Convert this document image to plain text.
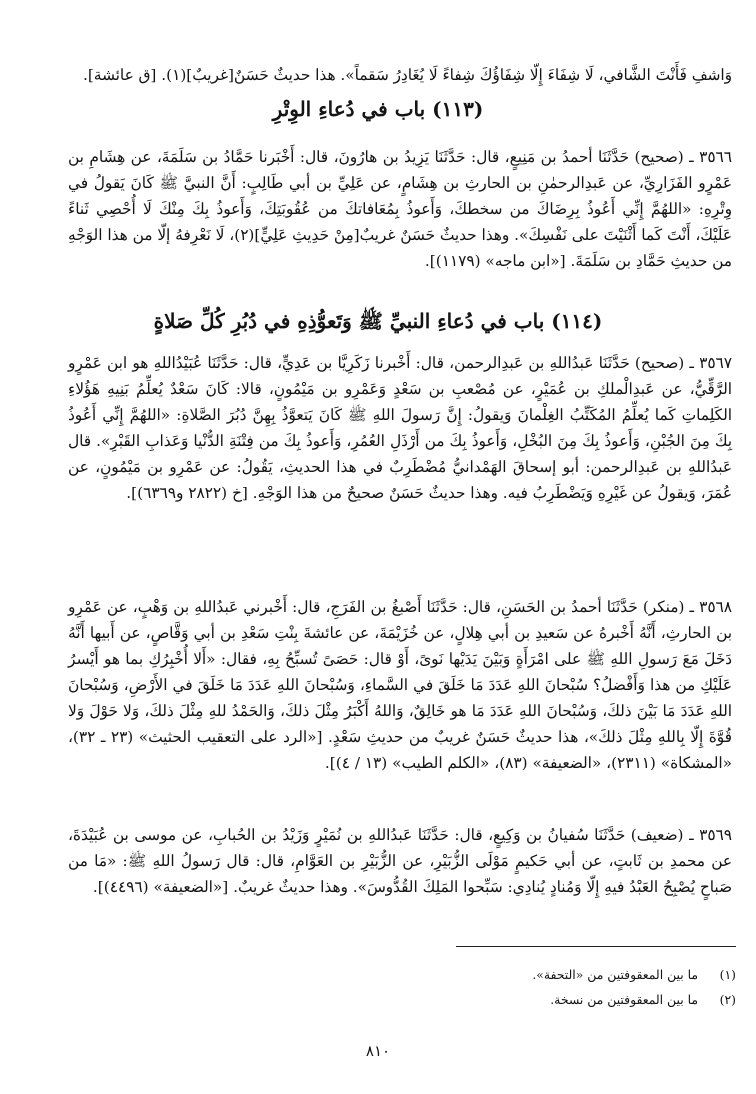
وَاشفِ فَأَنْتَ الشَّافي، لَا شِفَاءَ إِلّا شِفَاؤُكَ شِفاءً لَا يُغَادِرُ سَقماً». هذا حديثٌ حَسَنٌ[غريبٌ](١). [ق عائشة].

(١١٣) باب في دُعاءِ الوِتْرِ

٣٥٦٦ ـ (صحيح) حَدَّثَنَا أحمدُ بن مَنِيعٍ، قال: حَدَّثَنَا يَزِيدُ بن هارُونَ، قال: أَخْبَرنا حَمَّادُ بن سَلَمَةَ، عن هِشَامِ بن عَمْرٍو الفَزَارِيِّ، عن عَبدِالرحمٰنِ بن الحارثِ بن هِشَامٍ، عن عَلِيِّ بن أبي طَالِبٍ: أَنَّ النبيَّ ﷺ كَانَ يَقولُ في وِتْرِهِ: «اللهُمَّ إِنِّي أَعُوذُ بِرِضَاكَ من سخطكَ، وَأَعوذُ بِمُعَافاتكَ من عُقُوبَتِكَ، وَأَعوذُ بِكَ مِنْكَ لَا أُحْصِي ثَناءً عَلَيْكَ، أَنْتَ كَما أَثْنَيْتَ على نَفْسِكَ». وهذا حديثٌ حَسَنٌ غريبٌ[مِنْ حَدِيثِ عَلِيٍّ](٢)، لَا نَعْرِفهُ إلّا من هذا الوَجْهِ من حديثِ حَمَّادِ بن سَلَمَةَ. [«ابن ماجه» (١١٧٩)].

(١١٤) باب في دُعاءِ النبيِّ ﷺ وَتَعوُّذِهِ في دُبُرِ كُلِّ صَلاةٍ

٣٥٦٧ ـ (صحيح) حَدَّثَنَا عَبدُاللهِ بن عَبدِالرحمن، قال: أَخْبرنا زَكَرِيَّا بن عَدِيٍّ، قال: حَدَّثَنَا عُبَيْدُاللهِ هو ابن عَمْرٍو الرَّقِّيُّ، عن عَبدِالْملكِ بن عُمَيْرٍ، عن مُصْعبِ بن سَعْدٍ وَعَمْرِو بن مَيْمُونٍ، قالا: كَانَ سَعْدٌ يُعلِّمُ بَنِيهِ هَؤُلاءِ الكَلِماتِ كَما يُعلِّمُ المُكَتِّبُ الغِلْمانَ وَيقولُ: إِنَّ رَسولَ اللهِ ﷺ كَانَ يَتعوَّذُ بِهِنَّ دُبُرَ الصَّلاةِ: «اللهُمَّ إِنِّي أَعُوذُ بِكَ مِنَ الجُبْنِ، وَأَعوذُ بِكَ مِنَ البُخْلِ، وَأَعوذُ بِكَ من أَرْذَلِ العُمُرِ، وَأَعوذُ بِكَ من فِتْنَةِ الدُّنْيا وَعَذابِ القَبْرِ». قال عَبدُاللهِ بن عَبدِالرحمن: أبو إسحاقَ الهَمْدانيُّ مُضْطَرِبٌ في هذا الحديثِ، يَقُولُ: عن عَمْرِو بن مَيْمُونٍ، عن عُمَرَ، وَيقولُ عن غَيْرِهِ وَيَضْطَرِبُ فيه. وهذا حديثٌ حَسَنٌ صحيحٌ من هذا الوَجْهِ. [خ (٢٨٢٢ و٦٣٦٩)].

٣٥٦٨ ـ (منكر) حَدَّثَنَا أحمدُ بن الحَسَنِ، قال: حَدَّثَنَا أَصْبغُ بن الفَرَجِ، قال: أَخْبرني عَبدُاللهِ بن وَهْبٍ، عن عَمْرِو بن الحارثِ، أَنَّهُ أَخْبرهُ عن سَعيدِ بن أبي هِلالٍ، عن خُزَيْمَةَ، عن عائشةَ بِنْتِ سَعْدِ بن أبي وَقَّاصٍ، عن أَبيها أَنَّهُ دَخَلَ مَعَ رَسولِ اللهِ ﷺ على امْرَأَةٍ وَبَيْنَ يَدَيْها نَوىً، أَوْ قال: حَصَىً تُسبِّحُ بِهِ، فقال: «أَلا أُخْبِرُكِ بما هو أَيْسرُ عَلَيْكِ من هذا وَأَفْضلُ؟ سُبْحانَ اللهِ عَدَدَ مَا خَلَقَ في السَّماءِ، وَسُبْحانَ اللهِ عَدَدَ مَا خَلَقَ في الأَرْضِ، وَسُبْحانَ اللهِ عَدَدَ مَا بَيْنَ ذلكَ، وَسُبْحانَ اللهِ عَدَدَ مَا هو خَالِقٌ، وَاللهُ أَكْبَرُ مِثْلَ ذلكَ، وَالحَمْدُ للهِ مِثْلَ ذلكَ، وَلا حَوْلَ وَلا قُوَّةَ إِلّا بِاللهِ مِثْلَ ذلكَ»، هذا حديثٌ حَسَنٌ غريبٌ من حديثِ سَعْدٍ. [«الرد على التعقيب الحثيث» (٢٣ ـ ٣٢)، «المشكاة» (٢٣١١)، «الضعيفة» (٨٣)، «الكلم الطيب» (١٣ / ٤)].

٣٥٦٩ ـ (ضعيف) حَدَّثَنَا سُفيانُ بن وَكِيعٍ، قال: حَدَّثَنَا عَبدُاللهِ بن نُمَيْرٍ وَزَيْدُ بن الحُبابِ، عن موسى بن عُبَيْدَةَ، عن محمدِ بن ثَابتٍ، عن أبي حَكيمٍ مَوْلَى الزُّبَيْرِ، عن الزُّبَيْرِ بن العَوَّامِ، قال: قال رَسولُ اللهِ ﷺ: «مَا من صَباحٍ يُصْبِحُ العَبْدُ فيهِ إِلّا وَمُنادٍ يُنادِي: سَبِّحوا المَلِكَ القُدُّوسَ». وهذا حديثٌ غريبٌ. [«الضعيفة» (٤٤٩٦)].

(١) ما بين المعقوفتين من «التحفة».
(٢) ما بين المعقوفتين من نسخة.
٨١٠
